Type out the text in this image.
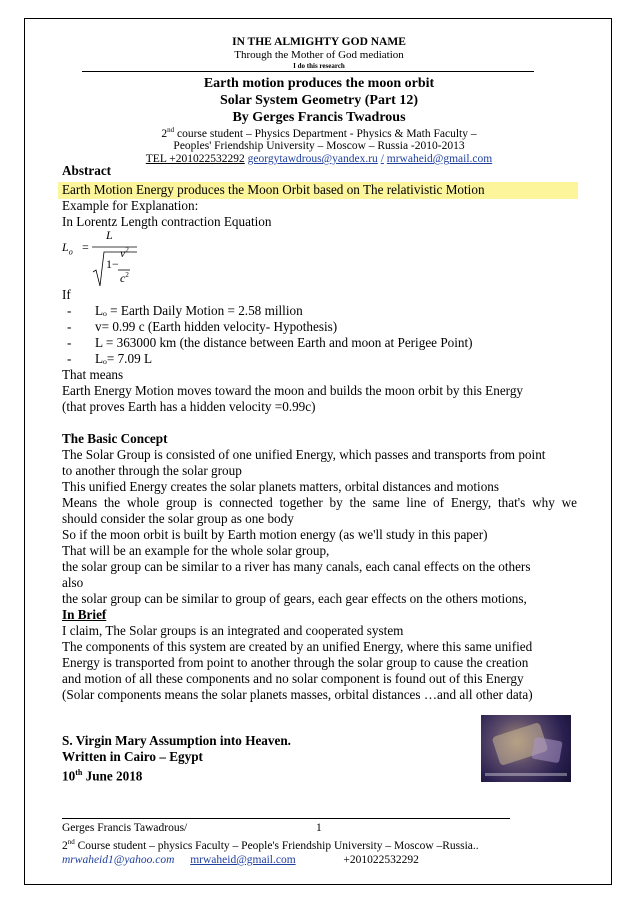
IN THE ALMIGHTY GOD NAME
Through the Mother of God mediation
I do this research
Earth motion produces the moon orbit
Solar System Geometry (Part 12)
By Gerges Francis Twadrous
2nd course student – Physics Department - Physics & Math Faculty –
Peoples' Friendship University – Moscow – Russia -2010-2013
TEL +201022532292 georgytawdrous@yandex.ru / mrwaheid@gmail.com
Abstract
Earth Motion Energy produces the Moon Orbit based on The relativistic Motion
Example for Explanation:
In Lorentz Length contraction Equation
$L_o$ =
L
1−
$v^2$
$c^2$
If
- Lₒ = Earth Daily Motion = 2.58 million
- v= 0.99 c (Earth hidden velocity- Hypothesis)
- L = 363000 km (the distance between Earth and moon at Perigee Point)
- Lₒ= 7.09 L
That means
Earth Energy Motion moves toward the moon and builds the moon orbit by this Energy
(that proves Earth has a hidden velocity =0.99c)
The Basic Concept
The Solar Group is consisted of one unified Energy, which passes and transports from point
to another through the solar group
This unified Energy creates the solar planets matters, orbital distances and motions
Means the whole group is connected together by the same line of Energy, that's why we
should consider the solar group as one body
So if the moon orbit is built by Earth motion energy (as we'll study in this paper)
That will be an example for the whole solar group,
the solar group can be similar to a river has many canals, each canal effects on the others
also
the solar group can be similar to group of gears, each gear effects on the others motions,
In Brief
I claim, The Solar groups is an integrated and cooperated system
The components of this system are created by an unified Energy, where this same unified
Energy is transported from point to another through the solar group to cause the creation
and motion of all these components and no solar component is found out of this Energy
(Solar components means the solar planets masses, orbital distances …and all other data)
S. Virgin Mary Assumption into Heaven.
Written in Cairo – Egypt
10th June 2018
Gerges Francis Tawadrous/	1
2nd Course student – physics Faculty – People's Friendship University – Moscow –Russia..
mrwaheid1@yahoo.com mrwaheid@gmail.com	+201022532292
